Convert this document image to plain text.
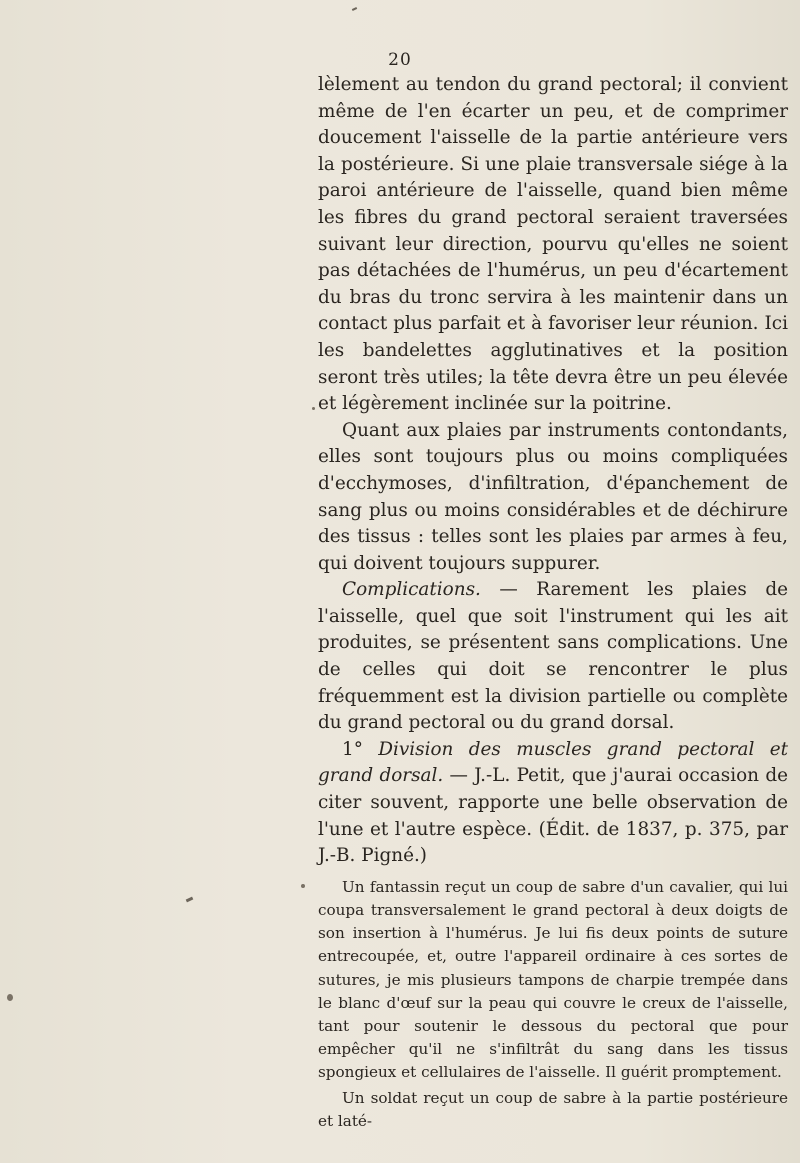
20

lèlement au tendon du grand pectoral; il convient même de l'en écarter un peu, et de comprimer doucement l'aisselle de la partie antérieure vers la postérieure. Si une plaie transversale siége à la paroi antérieure de l'aisselle, quand bien même les fibres du grand pectoral seraient traversées suivant leur direction, pourvu qu'elles ne soient pas détachées de l'humérus, un peu d'écartement du bras du tronc servira à les maintenir dans un contact plus parfait et à favoriser leur réunion. Ici les bandelettes agglutinatives et la position seront très utiles; la tête devra être un peu élevée et légèrement inclinée sur la poitrine.

Quant aux plaies par instruments contondants, elles sont toujours plus ou moins compliquées d'ecchymoses, d'infiltration, d'épanchement de sang plus ou moins considérables et de déchirure des tissus : telles sont les plaies par armes à feu, qui doivent toujours suppurer.

Complications. — Rarement les plaies de l'aisselle, quel que soit l'instrument qui les ait produites, se présentent sans complications. Une de celles qui doit se rencontrer le plus fréquemment est la division partielle ou complète du grand pectoral ou du grand dorsal.

1° Division des muscles grand pectoral et grand dorsal. — J.-L. Petit, que j'aurai occasion de citer souvent, rapporte une belle observation de l'une et l'autre espèce. (Édit. de 1837, p. 375, par J.-B. Pigné.)

Un fantassin reçut un coup de sabre d'un cavalier, qui lui coupa transversalement le grand pectoral à deux doigts de son insertion à l'humérus. Je lui fis deux points de suture entrecoupée, et, outre l'appareil ordinaire à ces sortes de sutures, je mis plusieurs tampons de charpie trempée dans le blanc d'œuf sur la peau qui couvre le creux de l'aisselle, tant pour soutenir le dessous du pectoral que pour empêcher qu'il ne s'infiltrât du sang dans les tissus spongieux et cellulaires de l'aisselle. Il guérit promptement.

Un soldat reçut un coup de sabre à la partie postérieure et laté-
